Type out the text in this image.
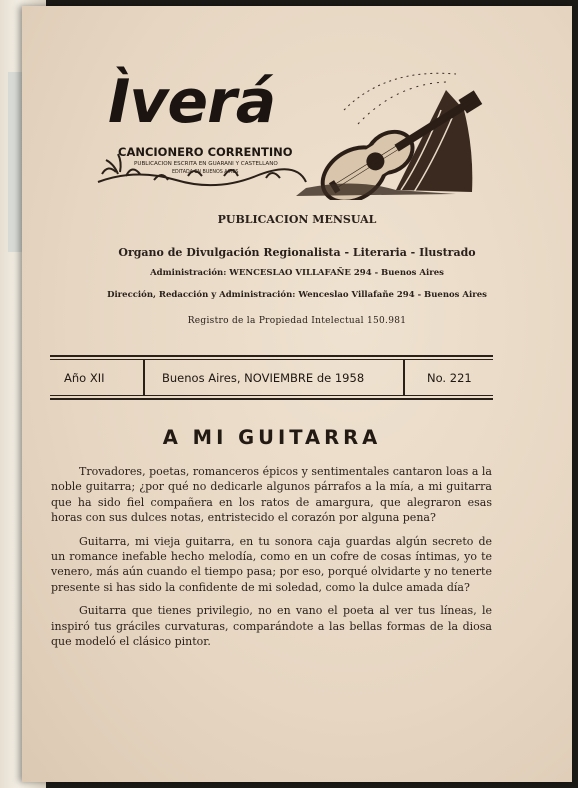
Ìverá
CANCIONERO CORRENTINO
PUBLICACION ESCRITA EN GUARANI Y CASTELLANO
EDITADA EN BUENOS AIRES
PUBLICACION MENSUAL
Organo de Divulgación Regionalista - Literaria - Ilustrado
Administración: WENCESLAO VILLAFAÑE 294 - Buenos Aires
Dirección, Redacción y Administración: Wenceslao Villafañe 294 - Buenos Aires
Registro de la Propiedad Intelectual 150.981
Año XII	Buenos Aires, NOVIEMBRE de 1958	No. 221
A MI GUITARRA

Trovadores, poetas, romanceros épicos y sentimentales cantaron loas a la noble guitarra; ¿por qué no dedicarle algunos párrafos a la mía, a mi guitarra que ha sido fiel compañera en los ratos de amargura, que alegraron esas horas con sus dulces notas, entristecido el corazón por alguna pena?

Guitarra, mi vieja guitarra, en tu sonora caja guardas algún secreto de un romance inefable hecho melodía, como en un cofre de cosas íntimas, yo te venero, más aún cuando el tiempo pasa; por eso, porqué olvidarte y no tenerte presente si has sido la confidente de mi soledad, como la dulce amada día?

Guitarra que tienes privilegio, no en vano el poeta al ver tus líneas, le inspiró tus gráciles curvaturas, comparándote a las bellas formas de la diosa que modeló el clásico pintor.
